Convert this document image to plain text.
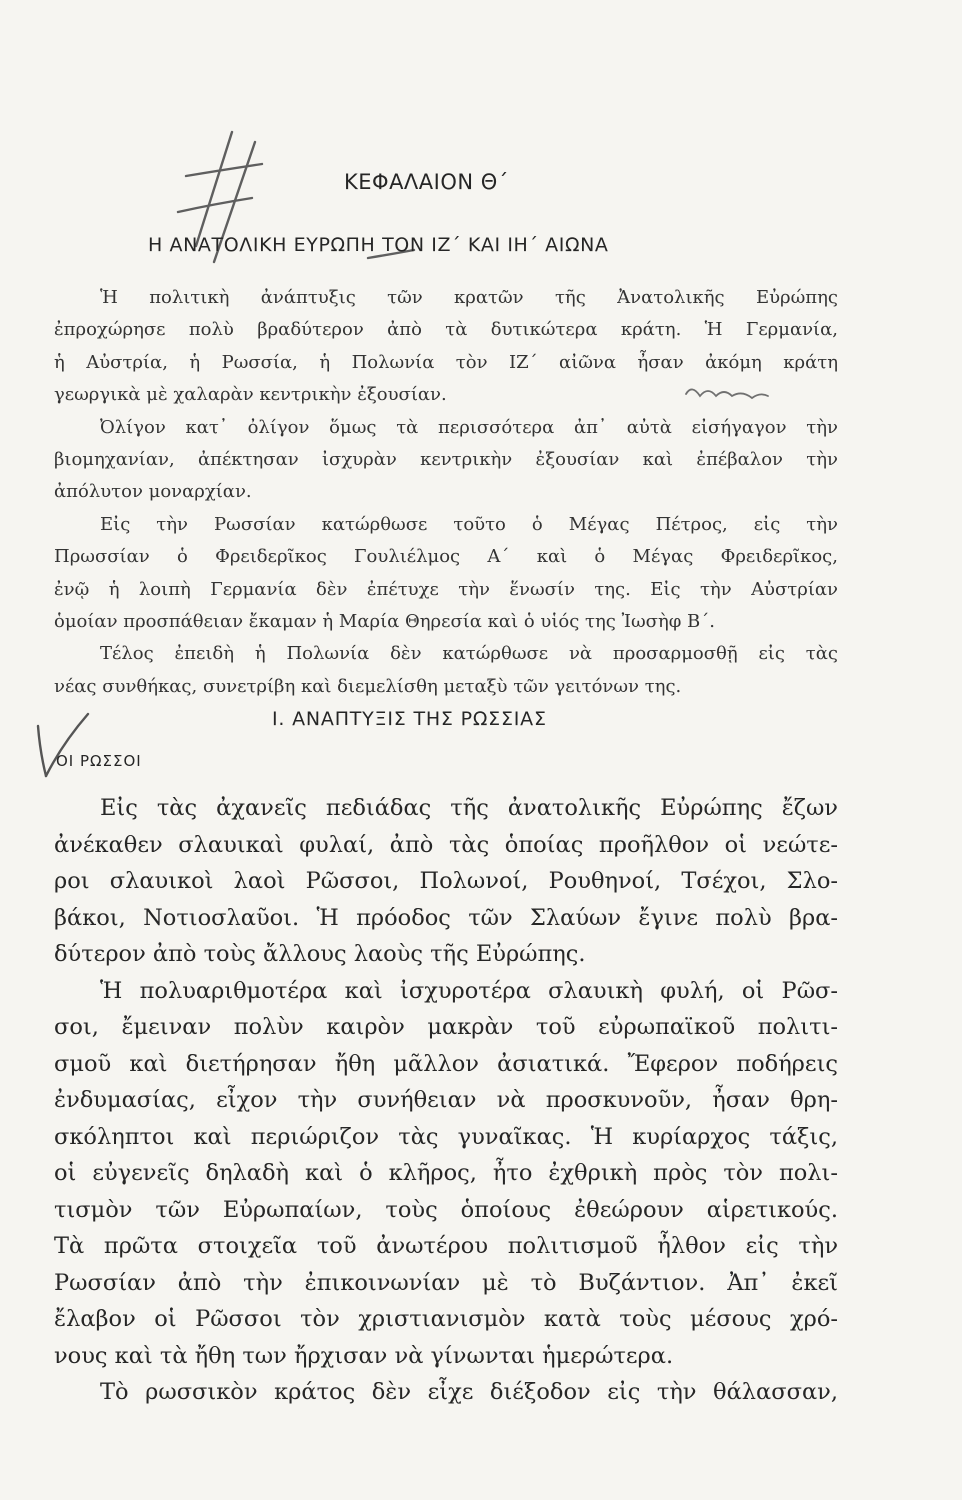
ΚΕΦΑΛΑΙΟΝ Θ΄
Η ΑΝΑΤΟΛΙΚΗ ΕΥΡΩΠΗ ΤΟΝ ΙΖ΄ ΚΑΙ ΙΗ΄ ΑΙΩΝΑ
Ἡ πολιτικὴ ἀνάπτυξις τῶν κρατῶν τῆς Ἀνατολικῆς Εὐρώπης
ἐπροχώρησε πολὺ βραδύτερον ἀπὸ τὰ δυτικώτερα κράτη. Ἡ Γερμανία,
ἡ Αὐστρία, ἡ Ρωσσία, ἡ Πολωνία τὸν ΙΖ΄ αἰῶνα ἦσαν ἀκόμη κράτη
γεωργικὰ μὲ χαλαρὰν κεντρικὴν ἐξουσίαν.
Ὀλίγον κατ᾽ ὀλίγον ὅμως τὰ περισσότερα ἀπ᾽ αὐτὰ εἰσήγαγον τὴν
βιομηχανίαν, ἀπέκτησαν ἰσχυρὰν κεντρικὴν ἐξουσίαν καὶ ἐπέβαλον τὴν
ἀπόλυτον μοναρχίαν.
Εἰς τὴν Ρωσσίαν κατώρθωσε τοῦτο ὁ Μέγας Πέτρος, εἰς τὴν
Πρωσσίαν ὁ Φρειδερῖκος Γουλιέλμος Α΄ καὶ ὁ Μέγας Φρειδερῖκος,
ἐνῷ ἡ λοιπὴ Γερμανία δὲν ἐπέτυχε τὴν ἕνωσίν της. Εἰς τὴν Αὐστρίαν
ὁμοίαν προσπάθειαν ἔκαμαν ἡ Μαρία Θηρεσία καὶ ὁ υἱός της Ἰωσὴφ Β΄.
Τέλος ἐπειδὴ ἡ Πολωνία δὲν κατώρθωσε νὰ προσαρμοσθῇ εἰς τὰς
νέας συνθήκας, συνετρίβη καὶ διεμελίσθη μεταξὺ τῶν γειτόνων της.
Ι. ΑΝΑΠΤΥΞΙΣ ΤΗΣ ΡΩΣΣΙΑΣ
ΟΙ ΡΩΣΣΟΙ
Εἰς τὰς ἀχανεῖς πεδιάδας τῆς ἀνατολικῆς Εὐρώπης ἔζων
ἀνέκαθεν σλαυικαὶ φυλαί, ἀπὸ τὰς ὁποίας προῆλθον οἱ νεώτε-
ροι σλαυικοὶ λαοὶ Ρῶσσοι, Πολωνοί, Ρουθηνοί, Τσέχοι, Σλο-
βάκοι, Νοτιοσλαῦοι. Ἡ πρόοδος τῶν Σλαύων ἔγινε πολὺ βρα-
δύτερον ἀπὸ τοὺς ἄλλους λαοὺς τῆς Εὐρώπης.
Ἡ πολυαριθμοτέρα καὶ ἰσχυροτέρα σλαυικὴ φυλή, οἱ Ρῶσ-
σοι, ἔμειναν πολὺν καιρὸν μακρὰν τοῦ εὐρωπαϊκοῦ πολιτι-
σμοῦ καὶ διετήρησαν ἤθη μᾶλλον ἀσιατικά. Ἔφερον ποδήρεις
ἐνδυμασίας, εἶχον τὴν συνήθειαν νὰ προσκυνοῦν, ἦσαν θρη-
σκόληπτοι καὶ περιώριζον τὰς γυναῖκας. Ἡ κυρίαρχος τάξις,
οἱ εὐγενεῖς δηλαδὴ καὶ ὁ κλῆρος, ἦτο ἐχθρικὴ πρὸς τὸν πολι-
τισμὸν τῶν Εὐρωπαίων, τοὺς ὁποίους ἐθεώρουν αἱρετικούς.
Τὰ πρῶτα στοιχεῖα τοῦ ἀνωτέρου πολιτισμοῦ ἦλθον εἰς τὴν
Ρωσσίαν ἀπὸ τὴν ἐπικοινωνίαν μὲ τὸ Βυζάντιον. Ἀπ᾽ ἐκεῖ
ἔλαβον οἱ Ρῶσσοι τὸν χριστιανισμὸν κατὰ τοὺς μέσους χρό-
νους καὶ τὰ ἤθη των ἤρχισαν νὰ γίνωνται ἡμερώτερα.
Τὸ ρωσσικὸν κράτος δὲν εἶχε διέξοδον εἰς τὴν θάλασσαν,
